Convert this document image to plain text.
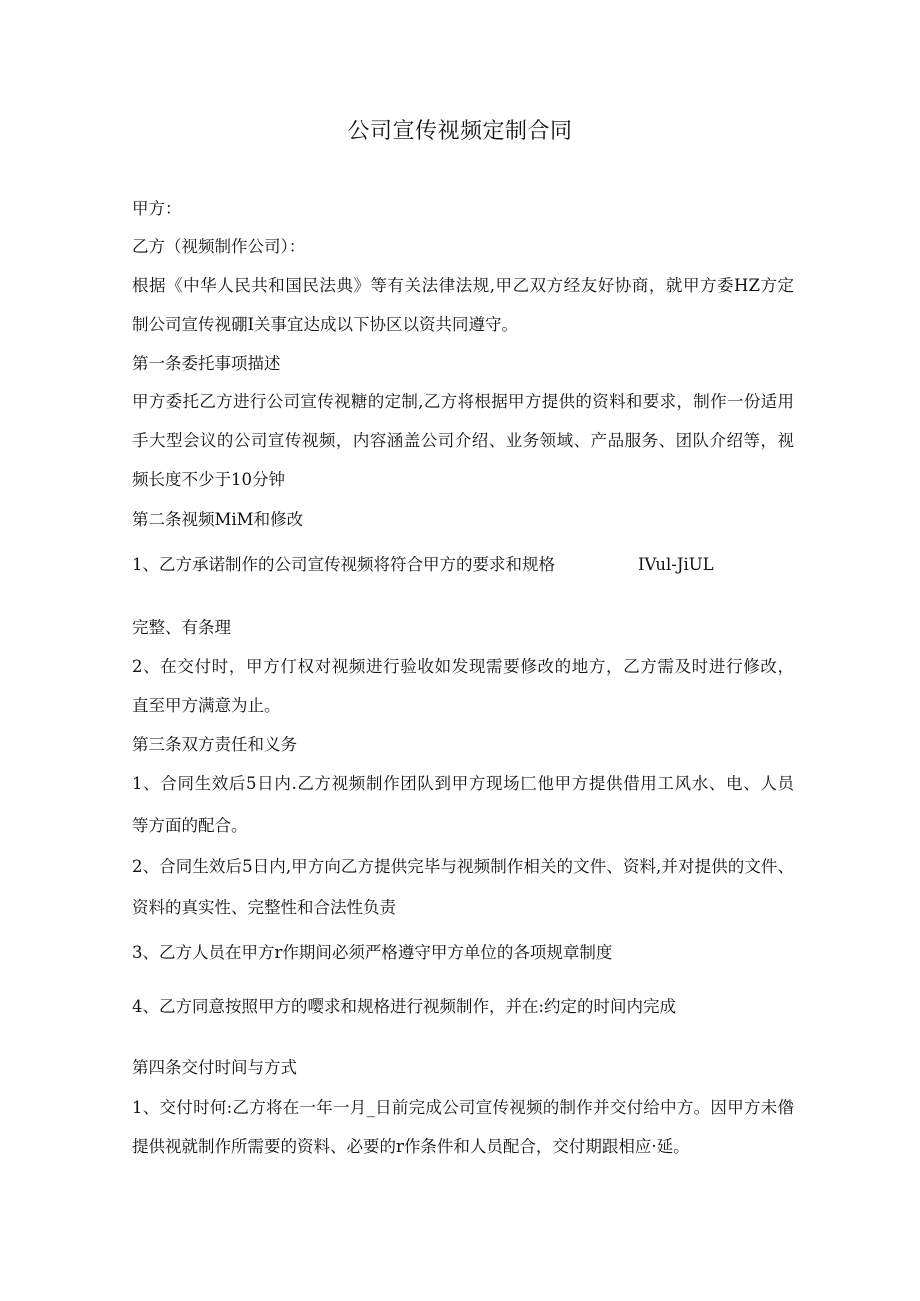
公司宣传视频定制合同
甲方：
乙方（视频制作公司）：
根据《中华人民共和国民法典》等有关法律法规,甲乙双方经友好协商，就甲方委HZ方定
制公司宣传视硼I关事宜达成以下协区以资共同遵守。
第一条委托事项描述
甲方委托乙方进行公司宣传视糖的定制,乙方将根据甲方提供的资料和要求，制作一份适用
手大型会议的公司宣传视频，内容涵盖公司介绍、业务领域、产品服务、团队介绍等，视
频长度不少于10分钟
第二条视频MiM和修改
1、乙方承诺制作的公司宣传视频将符合甲方的要求和规格	IVul-JiUL
完整、有条理
2、在交付时，甲方仃权对视频进行验收如发现需要修改的地方，乙方需及时进行修改，
直至甲方满意为止。
第三条双方责任和义务
1、合同生效后5日内.乙方视频制作团队到甲方现场匚他甲方提供借用工风水、电、人员
等方面的配合。
2、合同生效后5日内,甲方向乙方提供完毕与视频制作相关的文件、资料,并对提供的文件、
资料的真实性、完整性和合法性负责
3、乙方人员在甲方r作期间必须严格遵守甲方单位的各项规章制度
4、乙方同意按照甲方的嘤求和规格进行视频制作，并在:约定的时间内完成
第四条交付时间与方式
1、交付时何:乙方将在一年一月_日前完成公司宣传视频的制作并交付给中方。因甲方未偺
提供视就制作所需要的资料、必要的r作条件和人员配合，交付期跟相应·延。
